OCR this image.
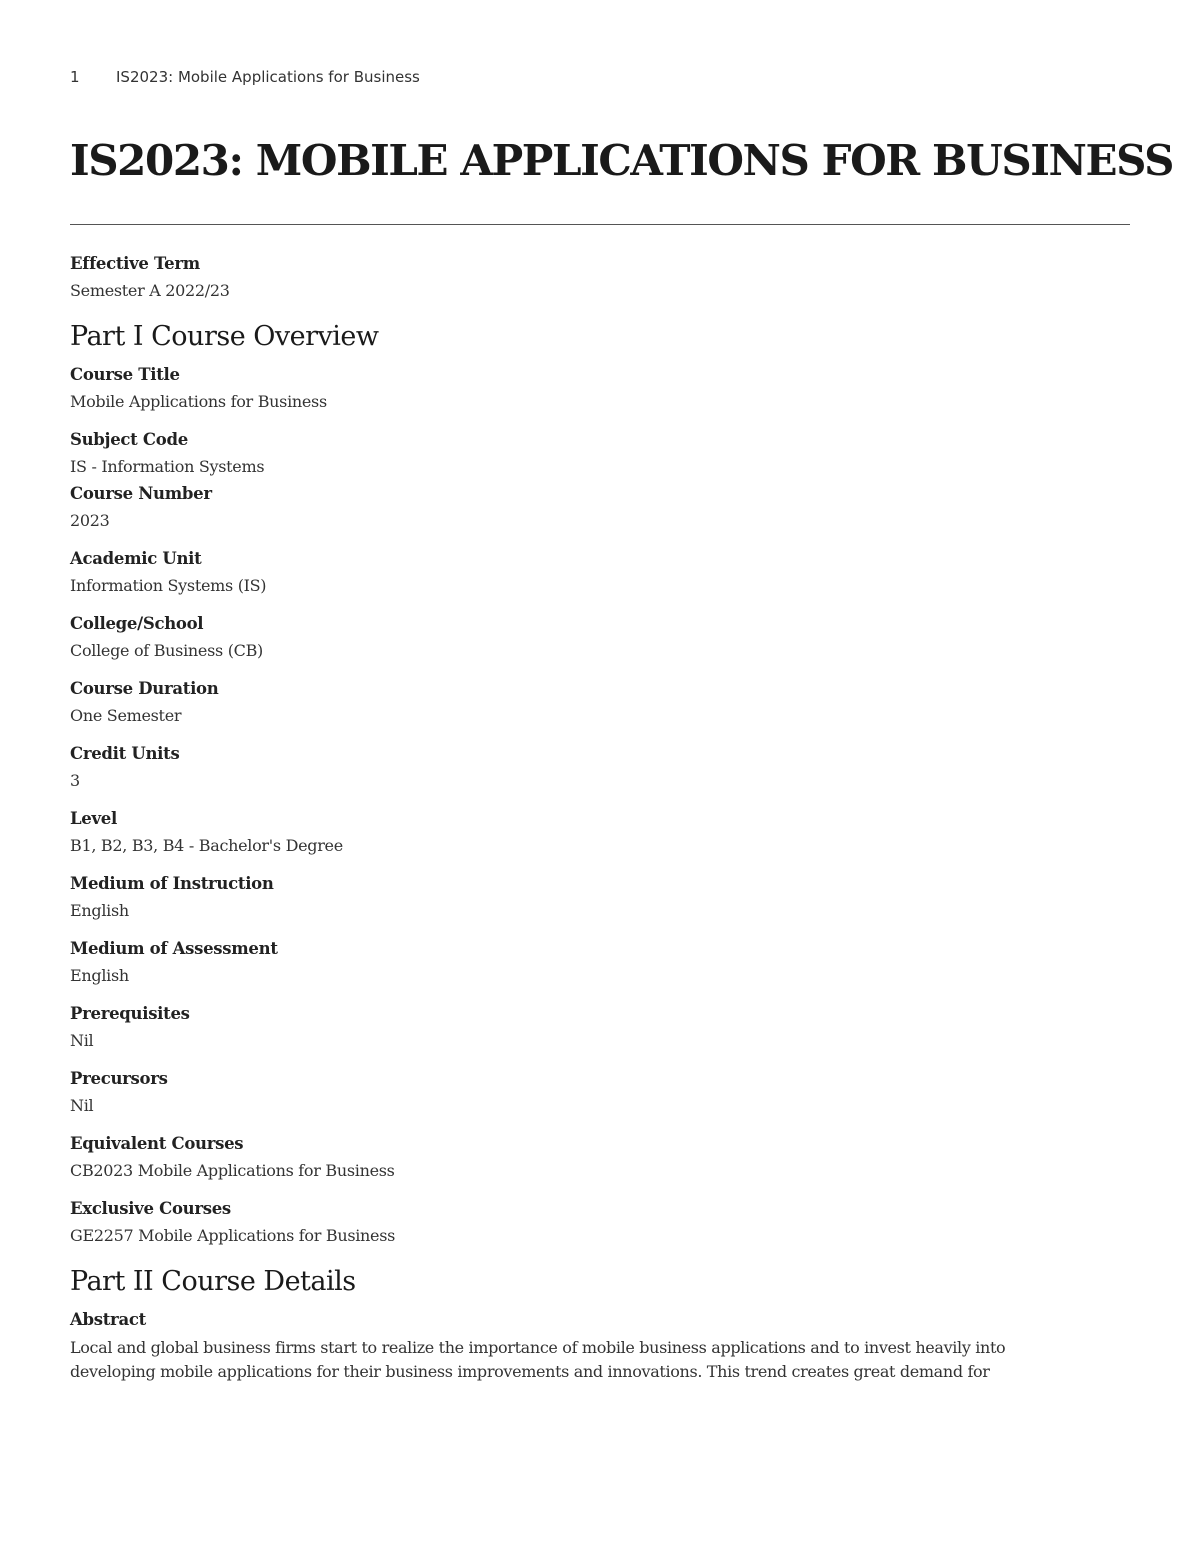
1 IS2023: Mobile Applications for Business
IS2023: MOBILE APPLICATIONS FOR BUSINESS
Effective Term
Semester A 2022/23
Part I Course Overview
Course Title
Mobile Applications for Business
Subject Code
IS - Information Systems
Course Number
2023
Academic Unit
Information Systems (IS)
College/School
College of Business (CB)
Course Duration
One Semester
Credit Units
3
Level
B1, B2, B3, B4 - Bachelor's Degree
Medium of Instruction
English
Medium of Assessment
English
Prerequisites
Nil
Precursors
Nil
Equivalent Courses
CB2023 Mobile Applications for Business
Exclusive Courses
GE2257 Mobile Applications for Business
Part II Course Details
Abstract
Local and global business firms start to realize the importance of mobile business applications and to invest heavily into
developing mobile applications for their business improvements and innovations. This trend creates great demand for
